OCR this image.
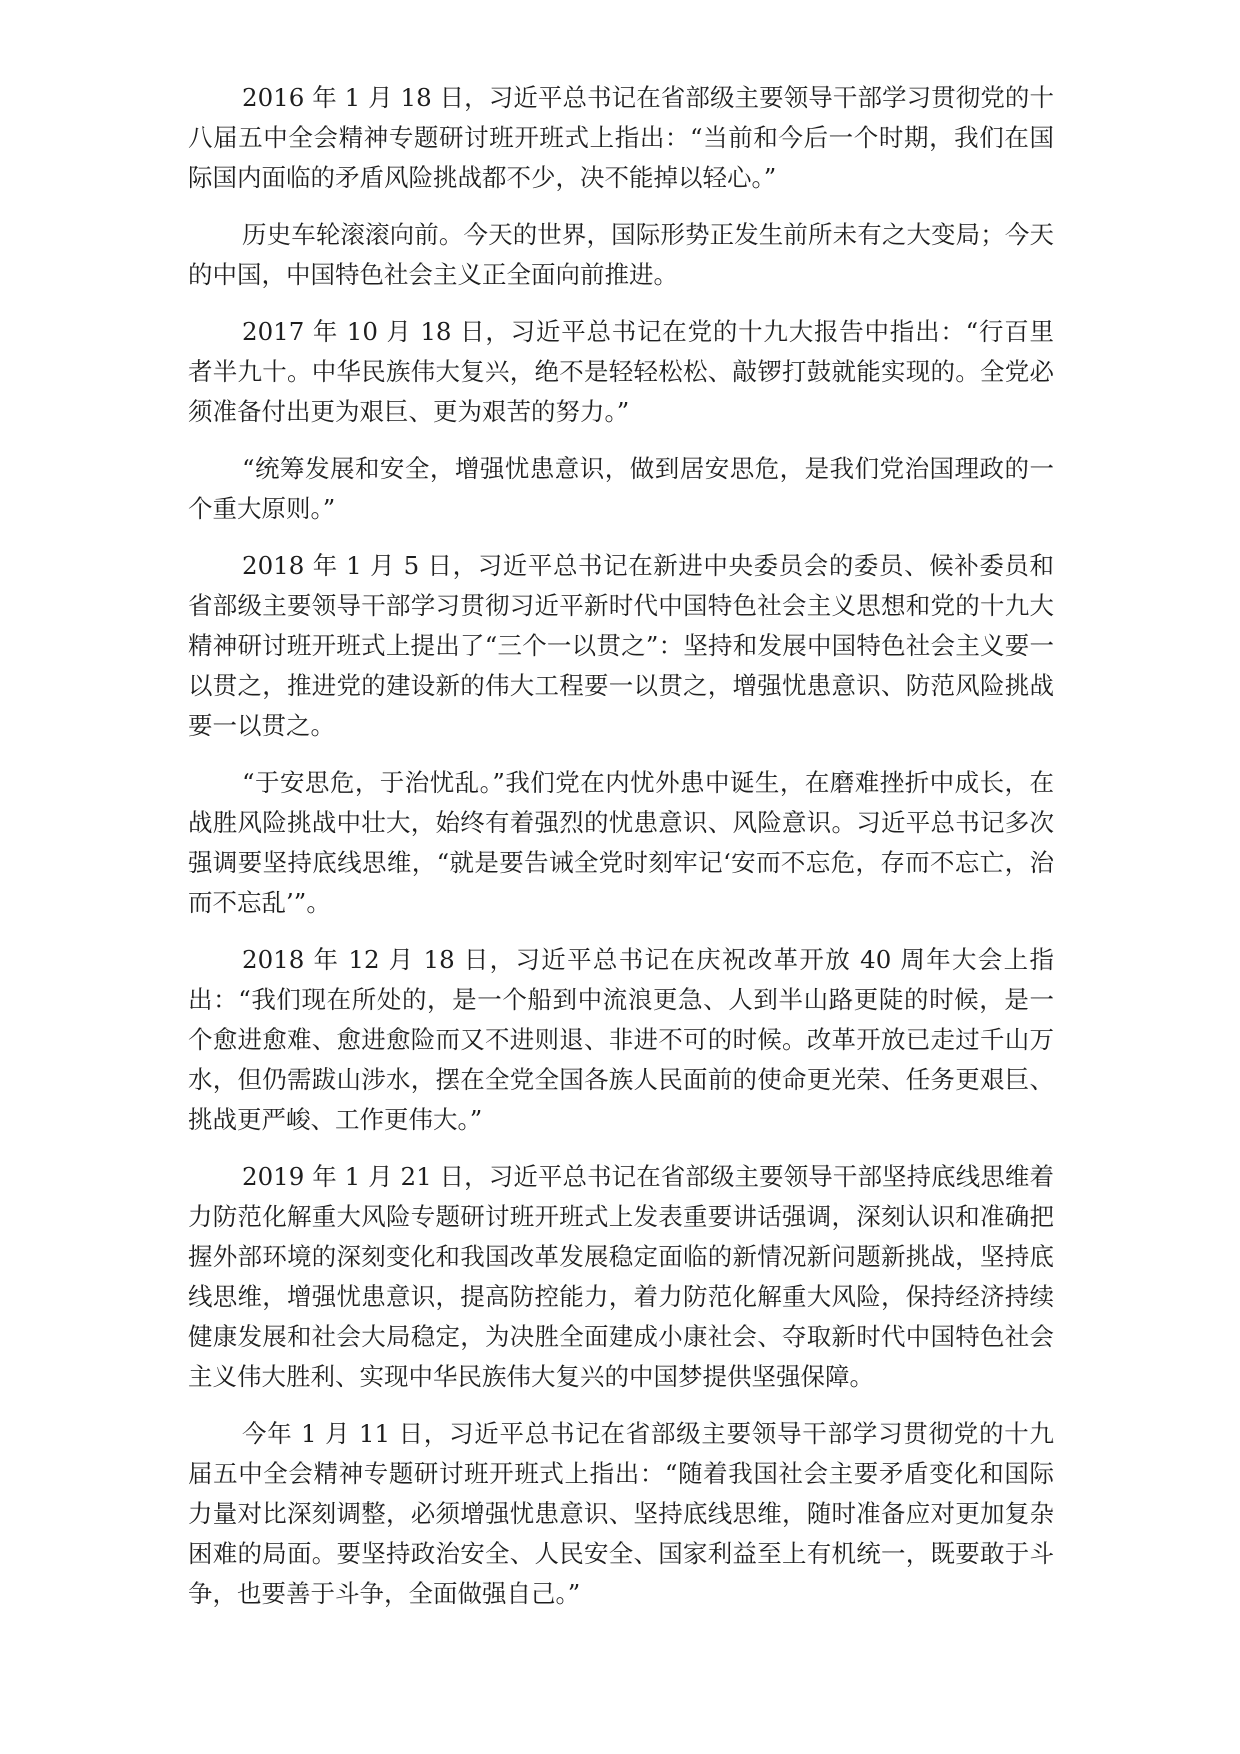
2016 年 1 月 18 日，习近平总书记在省部级主要领导干部学习贯彻党的十八届五中全会精神专题研讨班开班式上指出：“当前和今后一个时期，我们在国际国内面临的矛盾风险挑战都不少，决不能掉以轻心。”

历史车轮滚滚向前。今天的世界，国际形势正发生前所未有之大变局；今天的中国，中国特色社会主义正全面向前推进。

2017 年 10 月 18 日，习近平总书记在党的十九大报告中指出：“行百里者半九十。中华民族伟大复兴，绝不是轻轻松松、敲锣打鼓就能实现的。全党必须准备付出更为艰巨、更为艰苦的努力。”

“统筹发展和安全，增强忧患意识，做到居安思危，是我们党治国理政的一个重大原则。”

2018 年 1 月 5 日，习近平总书记在新进中央委员会的委员、候补委员和省部级主要领导干部学习贯彻习近平新时代中国特色社会主义思想和党的十九大精神研讨班开班式上提出了“三个一以贯之”：坚持和发展中国特色社会主义要一以贯之，推进党的建设新的伟大工程要一以贯之，增强忧患意识、防范风险挑战要一以贯之。

“于安思危，于治忧乱。”我们党在内忧外患中诞生，在磨难挫折中成长，在战胜风险挑战中壮大，始终有着强烈的忧患意识、风险意识。习近平总书记多次强调要坚持底线思维，“就是要告诫全党时刻牢记‘安而不忘危，存而不忘亡，治而不忘乱’”。

2018 年 12 月 18 日，习近平总书记在庆祝改革开放 40 周年大会上指出：“我们现在所处的，是一个船到中流浪更急、人到半山路更陡的时候，是一个愈进愈难、愈进愈险而又不进则退、非进不可的时候。改革开放已走过千山万水，但仍需跋山涉水，摆在全党全国各族人民面前的使命更光荣、任务更艰巨、挑战更严峻、工作更伟大。”

2019 年 1 月 21 日，习近平总书记在省部级主要领导干部坚持底线思维着力防范化解重大风险专题研讨班开班式上发表重要讲话强调，深刻认识和准确把握外部环境的深刻变化和我国改革发展稳定面临的新情况新问题新挑战，坚持底线思维，增强忧患意识，提高防控能力，着力防范化解重大风险，保持经济持续健康发展和社会大局稳定，为决胜全面建成小康社会、夺取新时代中国特色社会主义伟大胜利、实现中华民族伟大复兴的中国梦提供坚强保障。

今年 1 月 11 日，习近平总书记在省部级主要领导干部学习贯彻党的十九届五中全会精神专题研讨班开班式上指出：“随着我国社会主要矛盾变化和国际力量对比深刻调整，必须增强忧患意识、坚持底线思维，随时准备应对更加复杂困难的局面。要坚持政治安全、人民安全、国家利益至上有机统一，既要敢于斗争，也要善于斗争，全面做强自己。”
